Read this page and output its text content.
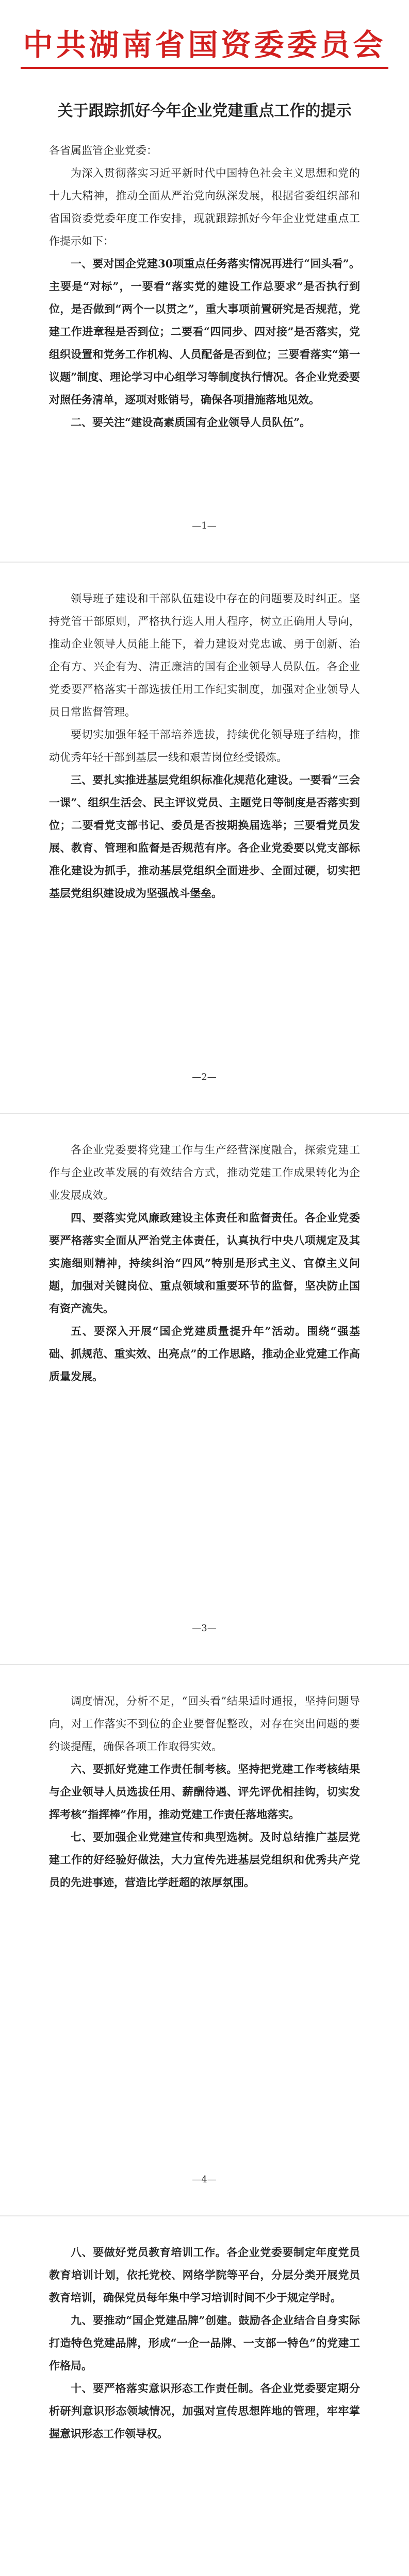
中共湖南省国资委委员会
关于跟踪抓好今年企业党建重点工作的提示

各省属监管企业党委：

为深入贯彻落实习近平新时代中国特色社会主义思想和党的十九大精神，推动全面从严治党向纵深发展，根据省委组织部和省国资委党委年度工作安排，现就跟踪抓好今年企业党建重点工作提示如下：

一、要对国企党建30项重点任务落实情况再进行“回头看”。主要是“对标”，一要看“落实党的建设工作总要求”是否执行到位，是否做到“两个一以贯之”，重大事项前置研究是否规范，党建工作进章程是否到位；二要看“四同步、四对接”是否落实，党组织设置和党务工作机构、人员配备是否到位；三要看落实“第一议题”制度、理论学习中心组学习等制度执行情况。各企业党委要对照任务清单，逐项对账销号，确保各项措施落地见效。

二、要关注“建设高素质国有企业领导人员队伍”。

—1—

领导班子建设和干部队伍建设中存在的问题要及时纠正。坚持党管干部原则，严格执行选人用人程序，树立正确用人导向，推动企业领导人员能上能下，着力建设对党忠诚、勇于创新、治企有方、兴企有为、清正廉洁的国有企业领导人员队伍。各企业党委要严格落实干部选拔任用工作纪实制度，加强对企业领导人员日常监督管理。

要切实加强年轻干部培养选拔，持续优化领导班子结构，推动优秀年轻干部到基层一线和艰苦岗位经受锻炼。

三、要扎实推进基层党组织标准化规范化建设。一要看“三会一课”、组织生活会、民主评议党员、主题党日等制度是否落实到位；二要看党支部书记、委员是否按期换届选举；三要看党员发展、教育、管理和监督是否规范有序。各企业党委要以党支部标准化建设为抓手，推动基层党组织全面进步、全面过硬，切实把基层党组织建设成为坚强战斗堡垒。

—2—

各企业党委要将党建工作与生产经营深度融合，探索党建工作与企业改革发展的有效结合方式，推动党建工作成果转化为企业发展成效。

四、要落实党风廉政建设主体责任和监督责任。各企业党委要严格落实全面从严治党主体责任，认真执行中央八项规定及其实施细则精神，持续纠治“四风”特别是形式主义、官僚主义问题，加强对关键岗位、重点领域和重要环节的监督，坚决防止国有资产流失。

五、要深入开展“国企党建质量提升年”活动。围绕“强基础、抓规范、重实效、出亮点”的工作思路，推动企业党建工作高质量发展。

—3—

调度情况，分析不足，“回头看”结果适时通报，坚持问题导向，对工作落实不到位的企业要督促整改，对存在突出问题的要约谈提醒，确保各项工作取得实效。

六、要抓好党建工作责任制考核。坚持把党建工作考核结果与企业领导人员选拔任用、薪酬待遇、评先评优相挂钩，切实发挥考核“指挥棒”作用，推动党建工作责任落地落实。

七、要加强企业党建宣传和典型选树。及时总结推广基层党建工作的好经验好做法，大力宣传先进基层党组织和优秀共产党员的先进事迹，营造比学赶超的浓厚氛围。

—4—

八、要做好党员教育培训工作。各企业党委要制定年度党员教育培训计划，依托党校、网络学院等平台，分层分类开展党员教育培训，确保党员每年集中学习培训时间不少于规定学时。

九、要推动“国企党建品牌”创建。鼓励各企业结合自身实际打造特色党建品牌，形成“一企一品牌、一支部一特色”的党建工作格局。

十、要严格落实意识形态工作责任制。各企业党委要定期分析研判意识形态领域情况，加强对宣传思想阵地的管理，牢牢掌握意识形态工作领导权。
